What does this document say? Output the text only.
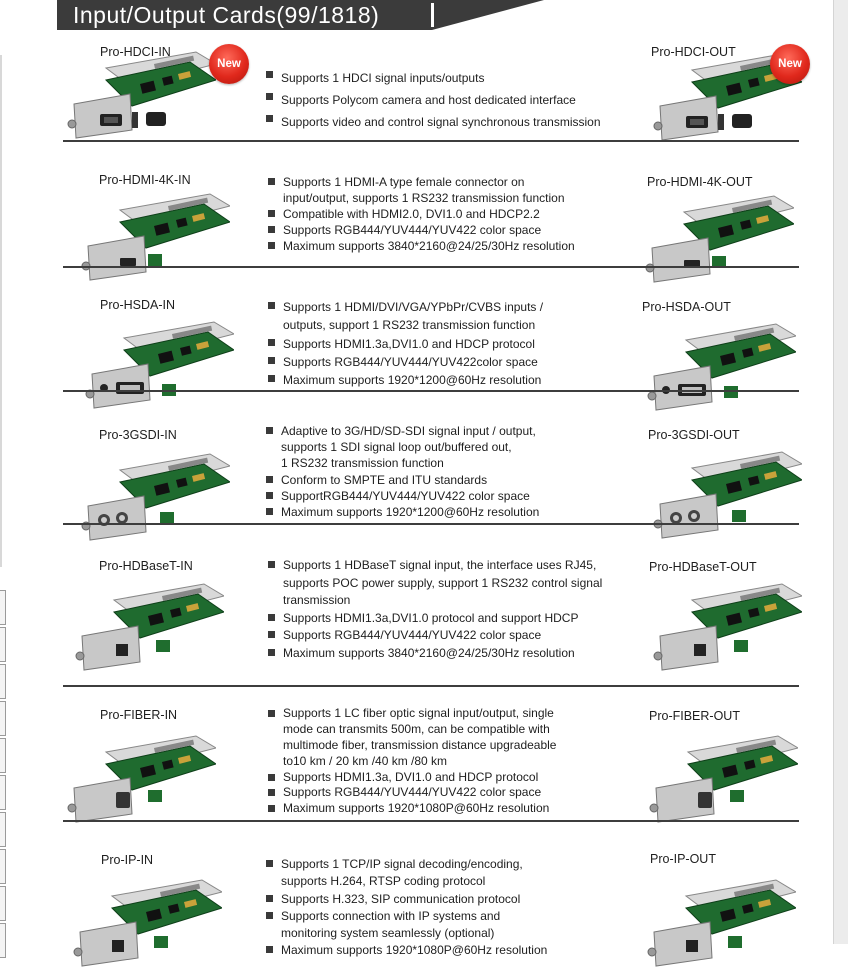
Input/Output Cards(99/1818)
Pro-HDCI-IN	Pro-HDCI-OUT
New	New
Supports 1 HDCI signal inputs/outputs
Supports Polycom camera and host dedicated interface
Supports video and control signal synchronous transmission
Pro-HDMI-4K-IN	Pro-HDMI-4K-OUT
Supports 1 HDMI-A type female connector on
input/output, supports 1 RS232 transmission function
Compatible with HDMI2.0, DVI1.0 and HDCP2.2
Supports RGB444/YUV444/YUV422 color space
Maximum supports 3840*2160@24/25/30Hz resolution
Pro-HSDA-IN	Pro-HSDA-OUT
Supports 1 HDMI/DVI/VGA/YPbPr/CVBS inputs /
outputs, support 1 RS232 transmission function
Supports HDMI1.3a,DVI1.0 and HDCP protocol
Supports RGB444/YUV444/YUV422color space
Maximum supports 1920*1200@60Hz resolution
Pro-3GSDI-IN	Pro-3GSDI-OUT
Adaptive to 3G/HD/SD-SDI signal input / output,
supports 1 SDI signal loop out/buffered out,
1 RS232 transmission function
Conform to SMPTE and ITU standards
SupportRGB444/YUV444/YUV422 color space
Maximum supports 1920*1200@60Hz resolution
Pro-HDBaseT-IN	Pro-HDBaseT-OUT
Supports 1 HDBaseT signal input, the interface uses RJ45,
supports POC power supply, support 1 RS232 control signal
transmission
Supports HDMI1.3a,DVI1.0 protocol and support HDCP
Supports RGB444/YUV444/YUV422 color space
Maximum supports 3840*2160@24/25/30Hz resolution
Pro-FIBER-IN	Pro-FIBER-OUT
Supports 1 LC fiber optic signal input/output, single
mode can transmits 500m, can be compatible with
multimode fiber, transmission distance upgradeable
to10 km / 20 km /40 km /80 km
Supports HDMI1.3a, DVI1.0 and HDCP protocol
Supports RGB444/YUV444/YUV422 color space
Maximum supports 1920*1080P@60Hz resolution
Pro-IP-IN	Pro-IP-OUT
Supports 1 TCP/IP signal decoding/encoding,
supports H.264, RTSP coding protocol
Supports H.323, SIP communication protocol
Supports connection with IP systems and
monitoring system seamlessly (optional)
Maximum supports 1920*1080P@60Hz resolution
